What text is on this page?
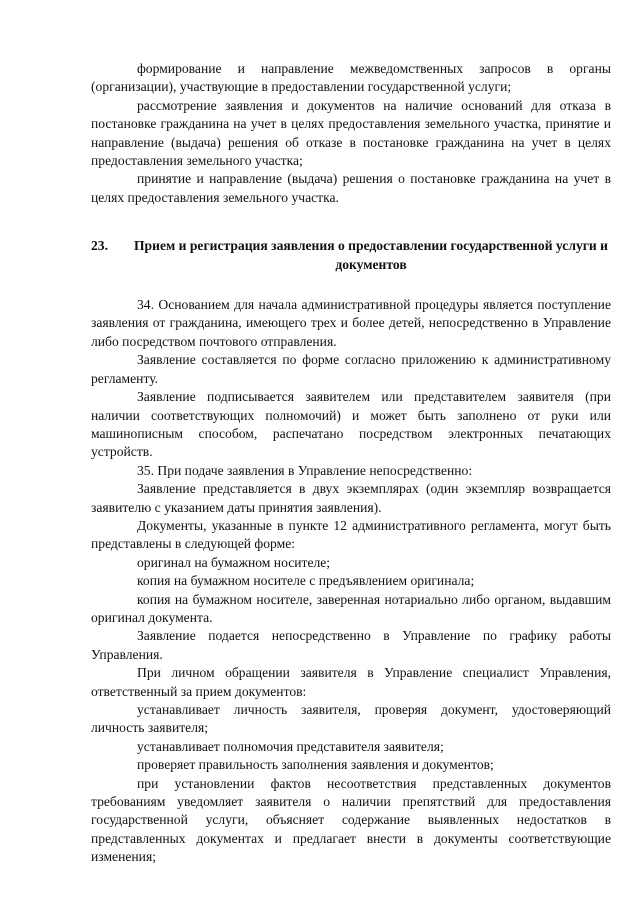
формирование и направление межведомственных запросов в органы (организации), участвующие в предоставлении государственной услуги;

рассмотрение заявления и документов на наличие оснований для отказа в постановке гражданина на учет в целях предоставления земельного участка, принятие и направление (выдача) решения об отказе в постановке гражданина на учет в целях предоставления земельного участка;

принятие и направление (выдача) решения о постановке гражданина на учет в целях предоставления земельного участка.

23.	Прием и регистрация заявления о предоставлении государственной услуги и документов

34. Основанием для начала административной процедуры является поступление заявления от гражданина, имеющего трех и более детей, непосредственно в Управление либо посредством почтового отправления.

Заявление составляется по форме согласно приложению к административному регламенту.

Заявление подписывается заявителем или представителем заявителя (при наличии соответствующих полномочий) и может быть заполнено от руки или машинописным способом, распечатано посредством электронных печатающих устройств.

35. При подаче заявления в Управление непосредственно:

Заявление представляется в двух экземплярах (один экземпляр возвращается заявителю с указанием даты принятия заявления).

Документы, указанные в пункте 12 административного регламента, могут быть представлены в следующей форме:

оригинал на бумажном носителе;

копия на бумажном носителе с предъявлением оригинала;

копия на бумажном носителе, заверенная нотариально либо органом, выдавшим оригинал документа.

Заявление подается непосредственно в Управление по графику работы Управления.

При личном обращении заявителя в Управление специалист Управления, ответственный за прием документов:

устанавливает личность заявителя, проверяя документ, удостоверяющий личность заявителя;

устанавливает полномочия представителя заявителя;

проверяет правильность заполнения заявления и документов;

при установлении фактов несоответствия представленных документов требованиям уведомляет заявителя о наличии препятствий для предоставления государственной услуги, объясняет содержание выявленных недостатков в представленных документах и предлагает внести в документы соответствующие изменения;
